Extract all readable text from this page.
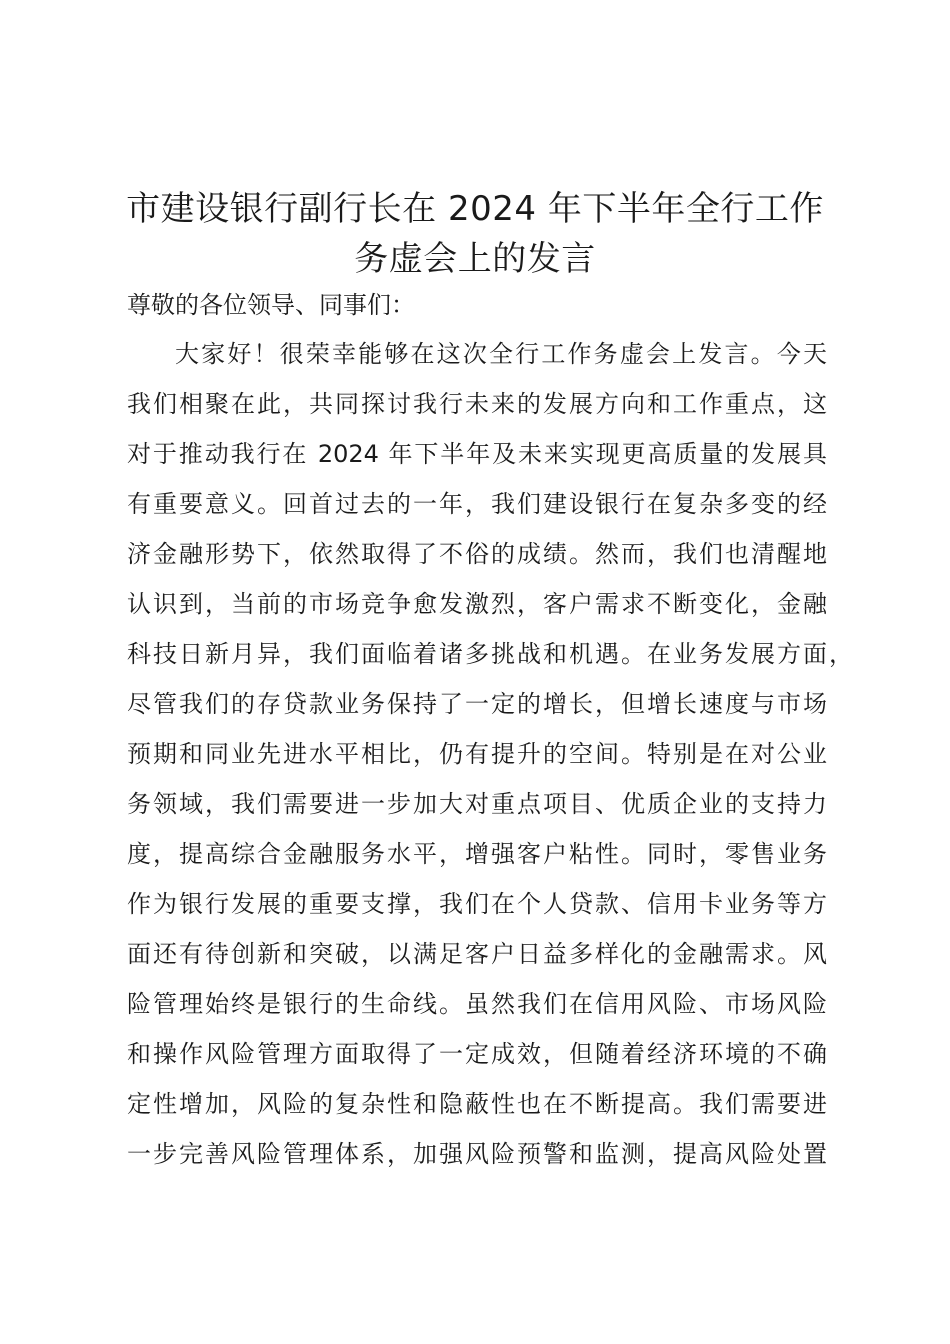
市建设银行副行长在 2024 年下半年全行工作
务虚会上的发言
尊敬的各位领导、同事们：
大家好！很荣幸能够在这次全行工作务虚会上发言。今天
我们相聚在此，共同探讨我行未来的发展方向和工作重点，这
对于推动我行在 2024 年下半年及未来实现更高质量的发展具
有重要意义。回首过去的一年，我们建设银行在复杂多变的经
济金融形势下，依然取得了不俗的成绩。然而，我们也清醒地
认识到，当前的市场竞争愈发激烈，客户需求不断变化，金融
科技日新月异，我们面临着诸多挑战和机遇。在业务发展方面，
尽管我们的存贷款业务保持了一定的增长，但增长速度与市场
预期和同业先进水平相比，仍有提升的空间。特别是在对公业
务领域，我们需要进一步加大对重点项目、优质企业的支持力
度，提高综合金融服务水平，增强客户粘性。同时，零售业务
作为银行发展的重要支撑，我们在个人贷款、信用卡业务等方
面还有待创新和突破，以满足客户日益多样化的金融需求。风
险管理始终是银行的生命线。虽然我们在信用风险、市场风险
和操作风险管理方面取得了一定成效，但随着经济环境的不确
定性增加，风险的复杂性和隐蔽性也在不断提高。我们需要进
一步完善风险管理体系，加强风险预警和监测，提高风险处置
